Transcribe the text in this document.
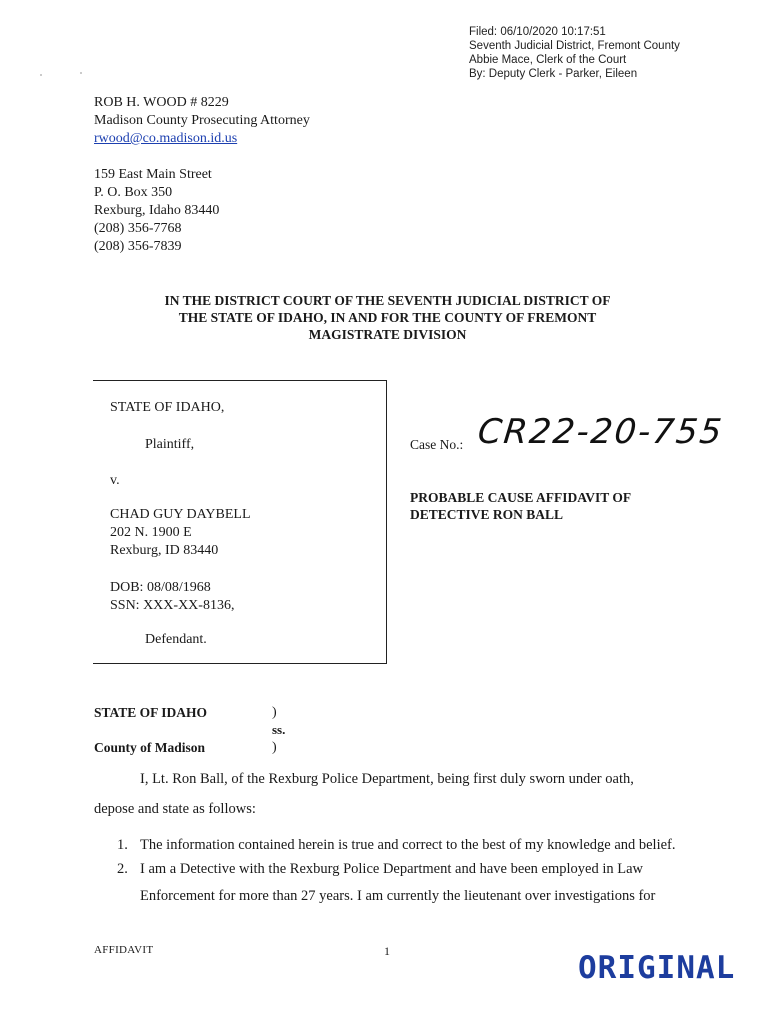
Filed: 06/10/2020 10:17:51
Seventh Judicial District, Fremont County
Abbie Mace, Clerk of the Court
By: Deputy Clerk - Parker, Eileen
ROB H. WOOD # 8229
Madison County Prosecuting Attorney
rwood@co.madison.id.us
159 East Main Street
P. O. Box 350
Rexburg, Idaho 83440
(208) 356-7768
(208) 356-7839
IN THE DISTRICT COURT OF THE SEVENTH JUDICIAL DISTRICT OF
THE STATE OF IDAHO, IN AND FOR THE COUNTY OF FREMONT
MAGISTRATE DIVISION
STATE OF IDAHO,
Plaintiff,
v.
CHAD GUY DAYBELL
202 N. 1900 E
Rexburg, ID 83440
DOB: 08/08/1968
SSN: XXX-XX-8136,
Defendant.
Case No.: CR22-20-755
PROBABLE CAUSE AFFIDAVIT OF
DETECTIVE RON BALL
STATE OF IDAHO	)
ss.
County of Madison	)
I, Lt. Ron Ball, of the Rexburg Police Department, being first duly sworn under oath,
depose and state as follows:
1. The information contained herein is true and correct to the best of my knowledge and belief.
2. I am a Detective with the Rexburg Police Department and have been employed in Law
Enforcement for more than 27 years. I am currently the lieutenant over investigations for
AFFIDAVIT	1	ORIGINAL
